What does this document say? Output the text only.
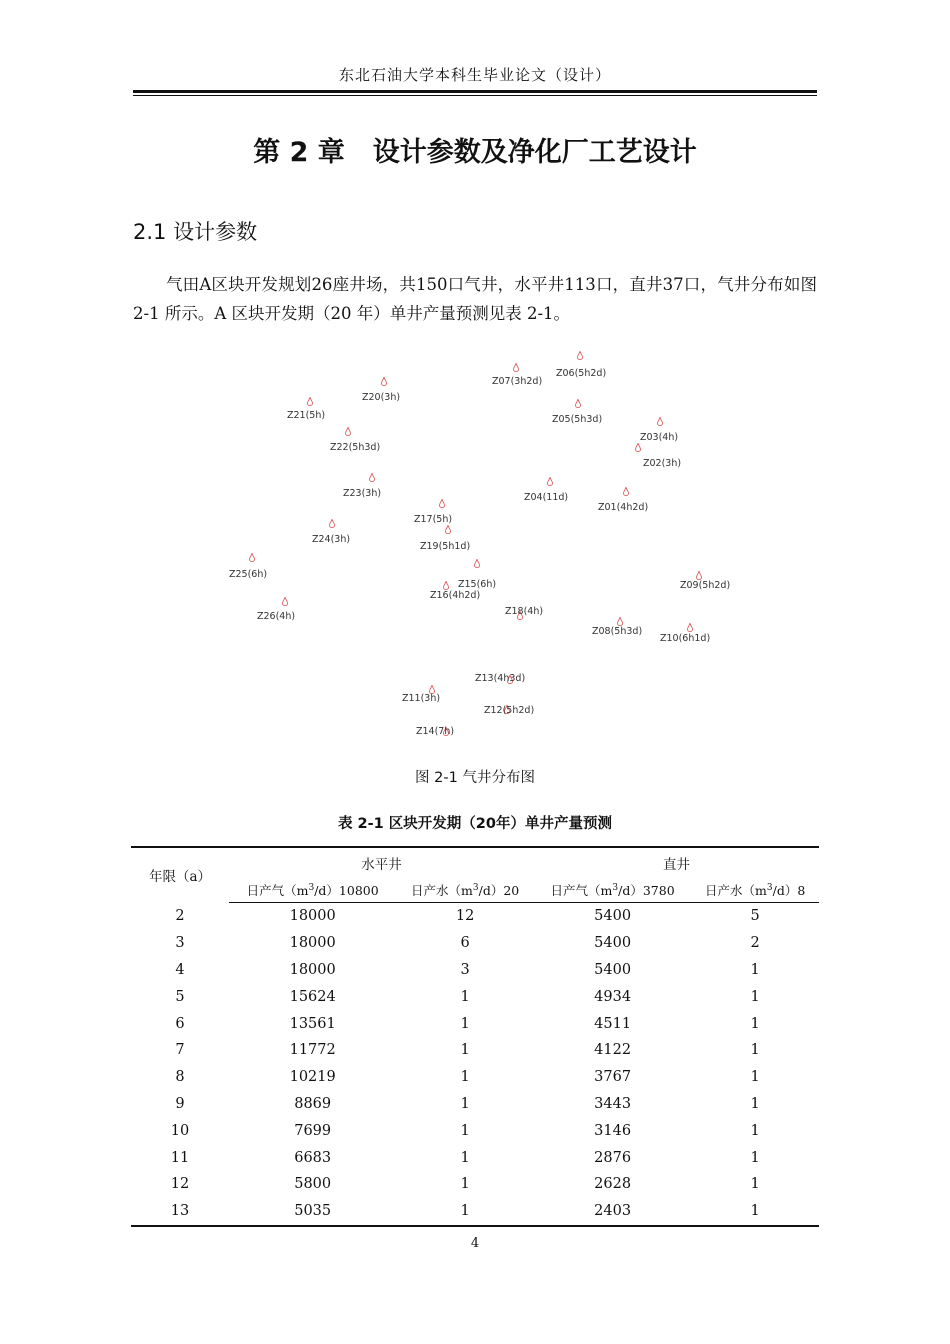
东北石油大学本科生毕业论文（设计）
第 2 章 设计参数及净化厂工艺设计
2.1 设计参数
气田A区块开发规划26座井场，共150口气井，水平井113口，直井37口，气井分布如图 2-1 所示。A 区块开发期（20 年）单井产量预测见表 2-1。
Z06(5h2d)
Z07(3h2d)
Z20(3h)
Z21(5h)	Z05(5h3d)
Z03(4h)
Z22(5h3d)
Z02(3h)
Z23(3h)	Z04(11d)
Z01(4h2d)
Z17(5h)
Z24(3h)
Z19(5h1d)
Z25(6h)
Z15(6h)	Z09(5h2d)
Z16(4h2d)
Z18(4h)
Z26(4h)
Z08(5h3d)
Z10(6h1d)
Z13(4h3d)
Z11(3h)
Z12(5h2d)
Z14(7h)
图 2-1 气井分布图
表 2-1 区块开发期（20年）单井产量预测
年限（a）	水平井		直井	
	日产气$(m^3/d)10800$	日产水$(m^3/d)20$	日产气$(m^3/d)3780$	日产水$(m^3/d)8$
2	18000	12	5400	5
3	18000	6	5400	2
4	18000	3	5400	1
5	15624	1	4934	1
6	13561	1	4511	1
7	11772	1	4122	1
8	10219	1	3767	1
9	8869	1	3443	1
10	7699	1	3146	1
11	6683	1	2876	1
12	5800	1	2628	1
13	5035	1	2403	1
4
